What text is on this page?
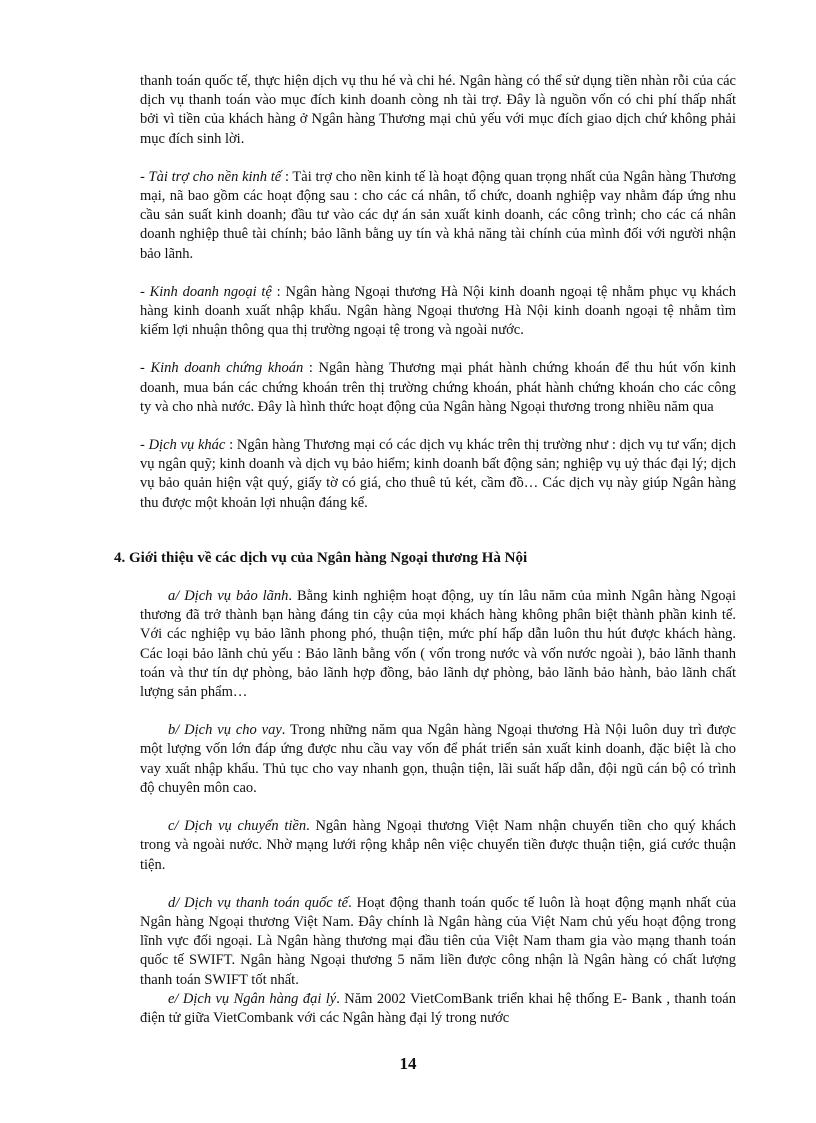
thanh toán quốc tế, thực hiện dịch vụ thu hé và chi hé. Ngân hàng có thể sử dụng tiền nhàn rỗi của các dịch vụ thanh toán vào mục đích kinh doanh còng nh tài trợ. Đây là nguồn vốn có chi phí thấp nhất bởi vì tiền của khách hàng ở Ngân hàng Thương mại chủ yếu với mục đích giao dịch chứ không phải mục đích sinh lời.

- Tài trợ cho nền kinh tế : Tài trợ cho nền kinh tế là hoạt động quan trọng nhất của Ngân hàng Thương mại, nã bao gồm các hoạt động sau : cho các cá nhân, tổ chức, doanh nghiệp vay nhằm đáp ứng nhu cầu sản suất kinh doanh; đầu tư vào các dự án sản xuất kinh doanh, các công trình; cho các cá nhân doanh nghiệp thuê tài chính; bảo lãnh bằng uy tín và khả năng tài chính của mình đối với người nhận bảo lãnh.

- Kinh doanh ngoại tệ : Ngân hàng Ngoại thương Hà Nội kinh doanh ngoại tệ nhằm phục vụ khách hàng kinh doanh xuất nhập khẩu. Ngân hàng Ngoại thương Hà Nội kinh doanh ngoại tệ nhằm tìm kiếm lợi nhuận thông qua thị trường ngoại tệ trong và ngoài nước.

- Kinh doanh chứng khoán : Ngân hàng Thương mại phát hành chứng khoán để thu hút vốn kinh doanh, mua bán các chứng khoán trên thị trường chứng khoán, phát hành chứng khoán cho các công ty và cho nhà nước. Đây là hình thức hoạt động của Ngân hàng Ngoại thương trong nhiều năm qua

- Dịch vụ khác : Ngân hàng Thương mại có các dịch vụ khác trên thị trường như : dịch vụ tư vấn; dịch vụ ngân quỹ; kinh doanh và dịch vụ bảo hiểm; kinh doanh bất động sản; nghiệp vụ uỷ thác đại lý; dịch vụ bảo quản hiện vật quý, giấy tờ có giá, cho thuê tủ két, cầm đồ… Các dịch vụ này giúp Ngân hàng thu được một khoản lợi nhuận đáng kể.

4. Giới thiệu về các dịch vụ của Ngân hàng Ngoại thương Hà Nội

a/ Dịch vụ bảo lãnh. Bằng kinh nghiệm hoạt động, uy tín lâu năm của mình Ngân hàng Ngoại thương đã trở thành bạn hàng đáng tin cậy của mọi khách hàng không phân biệt thành phần kinh tế. Với các nghiệp vụ bảo lãnh phong phó, thuận tiện, mức phí hấp dẫn luôn thu hút được khách hàng. Các loại bảo lãnh chủ yếu : Bảo lãnh bằng vốn ( vốn trong nước và vốn nước ngoài ), bảo lãnh thanh toán và thư tín dự phòng, bảo lãnh hợp đồng, bảo lãnh dự phòng, bảo lãnh bảo hành, bảo lãnh chất lượng sản phẩm…

b/ Dịch vụ cho vay. Trong những năm qua Ngân hàng Ngoại thương Hà Nội luôn duy trì được một lượng vốn lớn đáp ứng được nhu cầu vay vốn để phát triển sản xuất kinh doanh, đặc biệt là cho vay xuất nhập khẩu. Thủ tục cho vay nhanh gọn, thuận tiện, lãi suất hấp dẫn, đội ngũ cán bộ có trình độ chuyên môn cao.

c/ Dịch vụ chuyển tiền. Ngân hàng Ngoại thương Việt Nam nhận chuyển tiền cho quý khách trong và ngoài nước. Nhờ mạng lưới rộng khắp nên việc chuyển tiền được thuận tiện, giá cước thuận tiện.

d/ Dịch vụ thanh toán quốc tế. Hoạt động thanh toán quốc tế luôn là hoạt động mạnh nhất của Ngân hàng Ngoại thương Việt Nam. Đây chính là Ngân hàng của Việt Nam chủ yếu hoạt động trong lĩnh vực đối ngoại. Là Ngân hàng thương mại đầu tiên của Việt Nam tham gia vào mạng thanh toán quốc tế SWIFT. Ngân hàng Ngoại thương 5 năm liền được công nhận là Ngân hàng có chất lượng thanh toán SWIFT tốt nhất.

e/ Dịch vụ Ngân hàng đại lý. Năm 2002 VietComBank triển khai hệ thống E- Bank , thanh toán điện tử giữa VietCombank với các Ngân hàng đại lý trong nước

14
